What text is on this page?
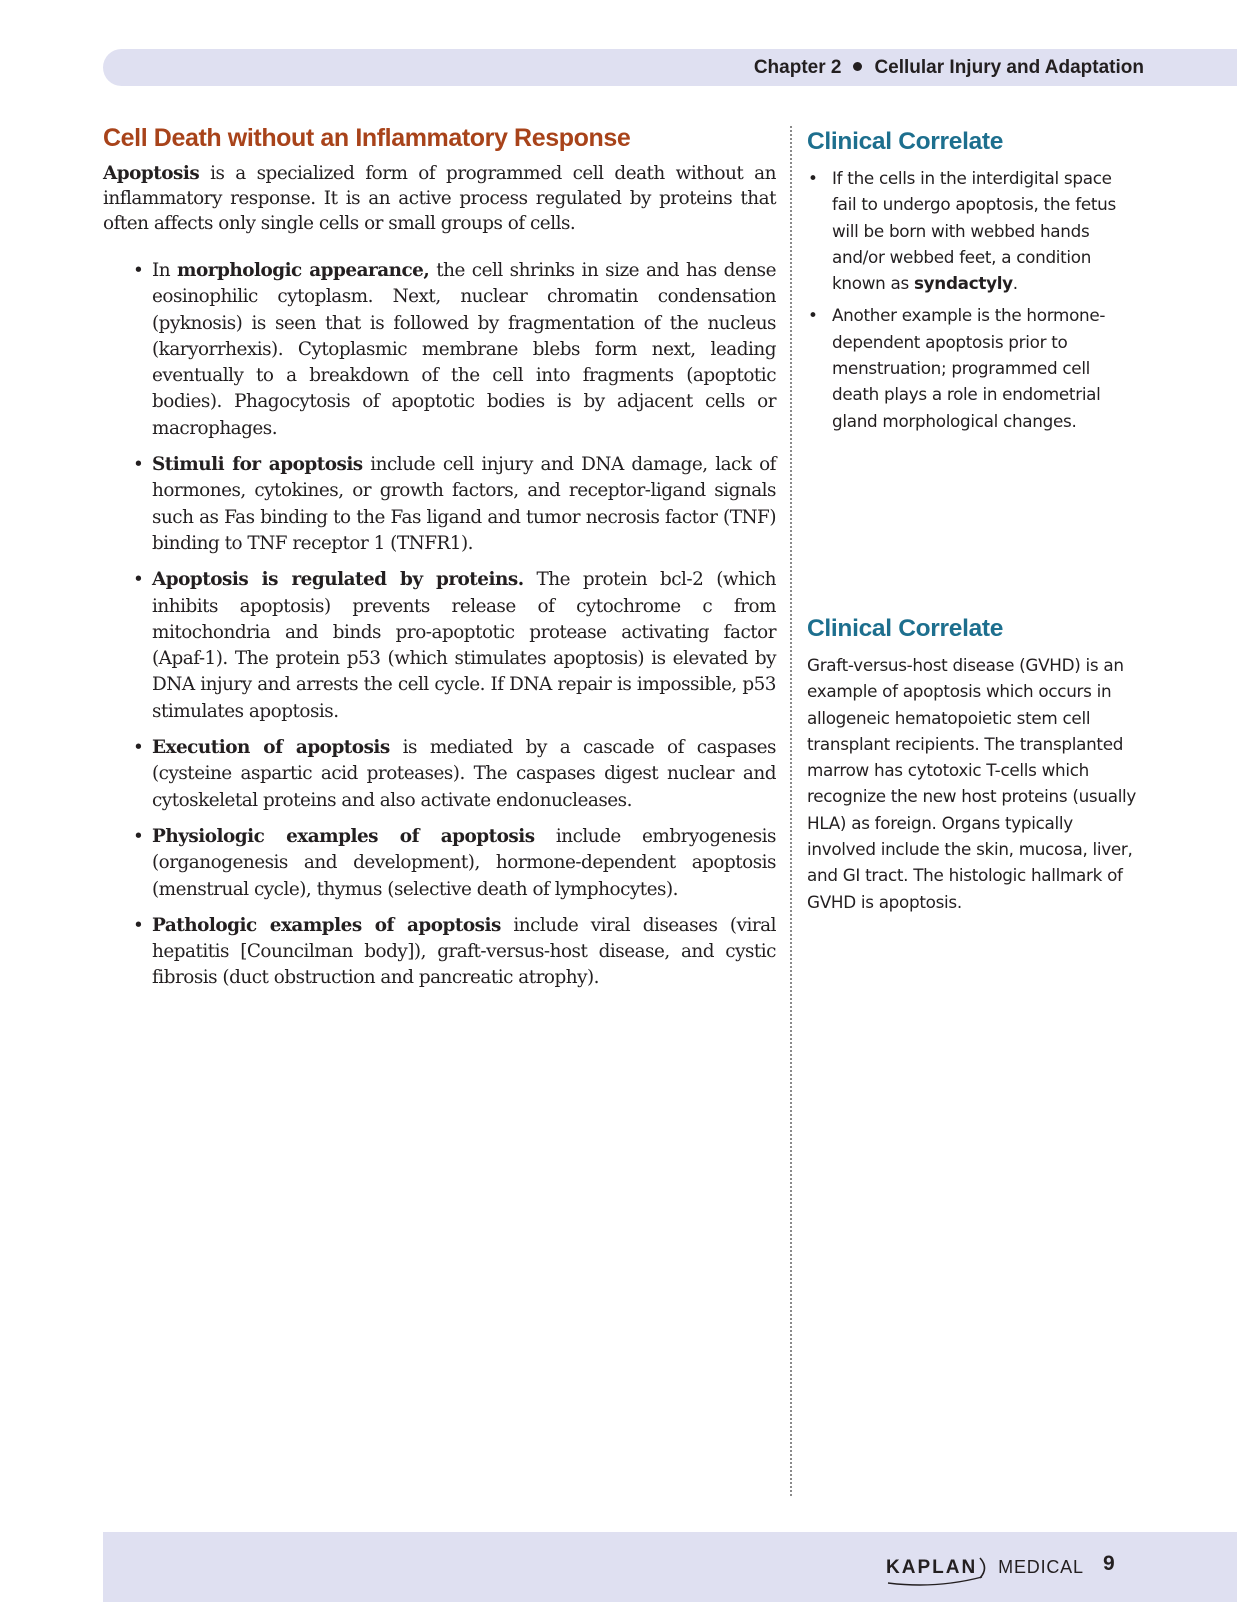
Chapter 2 Cellular Injury and Adaptation
Cell Death without an Inflammatory Response

Apoptosis is a specialized form of programmed cell death without an inflammatory response. It is an active process regulated by proteins that often affects only single cells or small groups of cells.

• In morphologic appearance, the cell shrinks in size and has dense eosinophilic cytoplasm. Next, nuclear chromatin condensation (pyknosis) is seen that is followed by fragmentation of the nucleus (karyorrhexis). Cytoplasmic membrane blebs form next, leading eventually to a breakdown of the cell into fragments (apoptotic bodies). Phagocytosis of apoptotic bodies is by adjacent cells or macrophages.
• Stimuli for apoptosis include cell injury and DNA damage, lack of hormones, cytokines, or growth factors, and receptor-ligand signals such as Fas binding to the Fas ligand and tumor necrosis factor (TNF) binding to TNF receptor 1 (TNFR1).
• Apoptosis is regulated by proteins. The protein bcl-2 (which inhibits apoptosis) prevents release of cytochrome c from mitochondria and binds pro-apoptotic protease activating factor (Apaf-1). The protein p53 (which stimulates apoptosis) is elevated by DNA injury and arrests the cell cycle. If DNA repair is impossible, p53 stimulates apoptosis.
• Execution of apoptosis is mediated by a cascade of caspases (cysteine aspartic acid proteases). The caspases digest nuclear and cytoskeletal proteins and also activate endonucleases.
• Physiologic examples of apoptosis include embryogenesis (organogenesis and development), hormone-dependent apoptosis (menstrual cycle), thymus (selective death of lymphocytes).
• Pathologic examples of apoptosis include viral diseases (viral hepatitis [Councilman body]), graft-versus-host disease, and cystic fibrosis (duct obstruction and pancreatic atrophy).
Clinical Correlate
• If the cells in the interdigital space fail to undergo apoptosis, the fetus will be born with webbed hands and/or webbed feet, a condition known as syndactyly.
• Another example is the hormone-dependent apoptosis prior to menstruation; programmed cell death plays a role in endometrial gland morphological changes.
Clinical Correlate

Graft-versus-host disease (GVHD) is an example of apoptosis which occurs in allogeneic hematopoietic stem cell transplant recipients. The transplanted marrow has cytotoxic T-cells which recognize the new host proteins (usually HLA) as foreign. Organs typically involved include the skin, mucosa, liver, and GI tract. The histologic hallmark of GVHD is apoptosis.

KAPLAN MEDICAL 9
